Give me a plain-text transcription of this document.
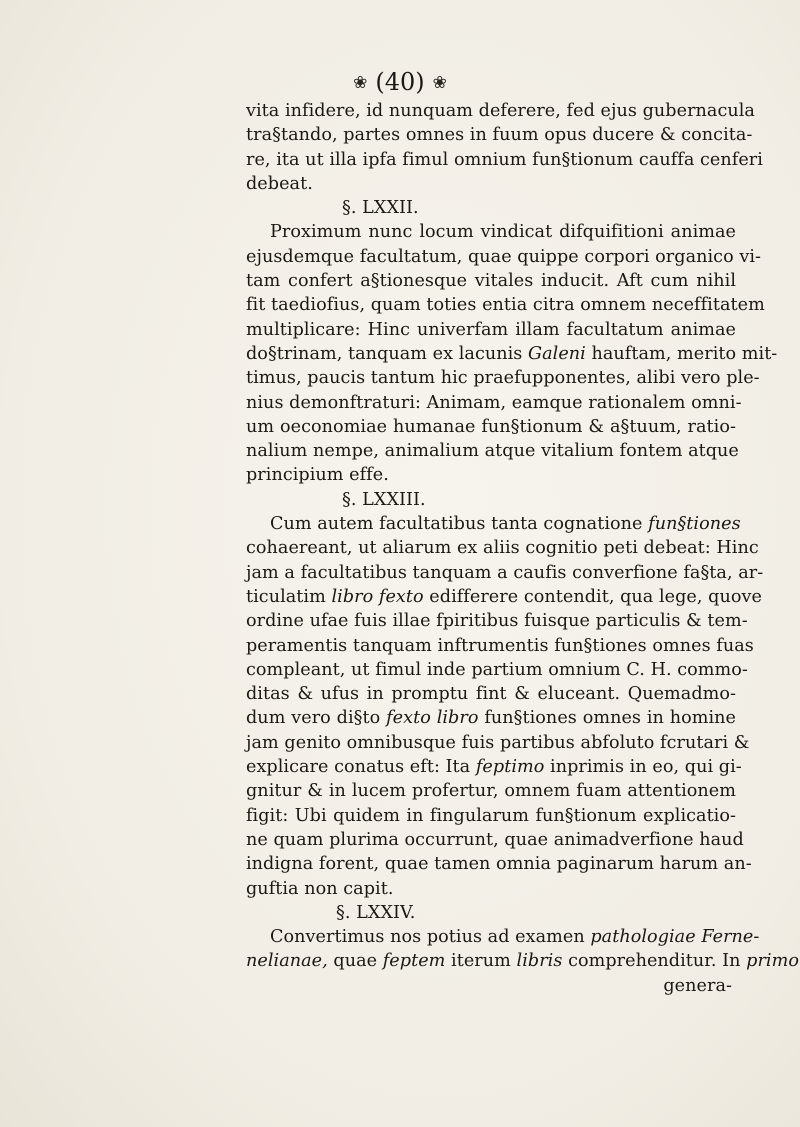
❀ (40) ❀
vita infidere, id nunquam deferere, fed ejus gubernacula
tra§tando, partes omnes in fuum opus ducere & concita-
re, ita ut illa ipfa fimul omnium fun§tionum cauffa cenferi
debeat.
§. LXXII.
Proximum nunc locum vindicat difquifitioni animae
ejusdemque facultatum, quae quippe corpori organico vi-
tam confert a§tionesque vitales inducit. Aft cum nihil
fit taediofius, quam toties entia citra omnem neceffitatem
multiplicare: Hinc univerfam illam facultatum animae
do§trinam, tanquam ex lacunis Galeni hauftam, merito mit-
timus, paucis tantum hic praefupponentes, alibi vero ple-
nius demonftraturi: Animam, eamque rationalem omni-
um oeconomiae humanae fun§tionum & a§tuum, ratio-
nalium nempe, animalium atque vitalium fontem atque
principium effe.
§. LXXIII.
Cum autem facultatibus tanta cognatione fun§tiones
cohaereant, ut aliarum ex aliis cognitio peti debeat: Hinc
jam a facultatibus tanquam a caufis converfione fa§ta, ar-
ticulatim libro fexto edifferere contendit, qua lege, quove
ordine ufae fuis illae fpiritibus fuisque particulis & tem-
peramentis tanquam inftrumentis fun§tiones omnes fuas
compleant, ut fimul inde partium omnium C. H. commo-
ditas & ufus in promptu fint & eluceant. Quemadmo-
dum vero di§to fexto libro fun§tiones omnes in homine
jam genito omnibusque fuis partibus abfoluto fcrutari &
explicare conatus eft: Ita feptimo inprimis in eo, qui gi-
gnitur & in lucem profertur, omnem fuam attentionem
figit: Ubi quidem in fingularum fun§tionum explicatio-
ne quam plurima occurrunt, quae animadverfione haud
indigna forent, quae tamen omnia paginarum harum an-
guftia non capit.
§. LXXIV.
Convertimus nos potius ad examen pathologiae Ferne-
nelianae, quae feptem iterum libris comprehenditur. In primo
genera-
